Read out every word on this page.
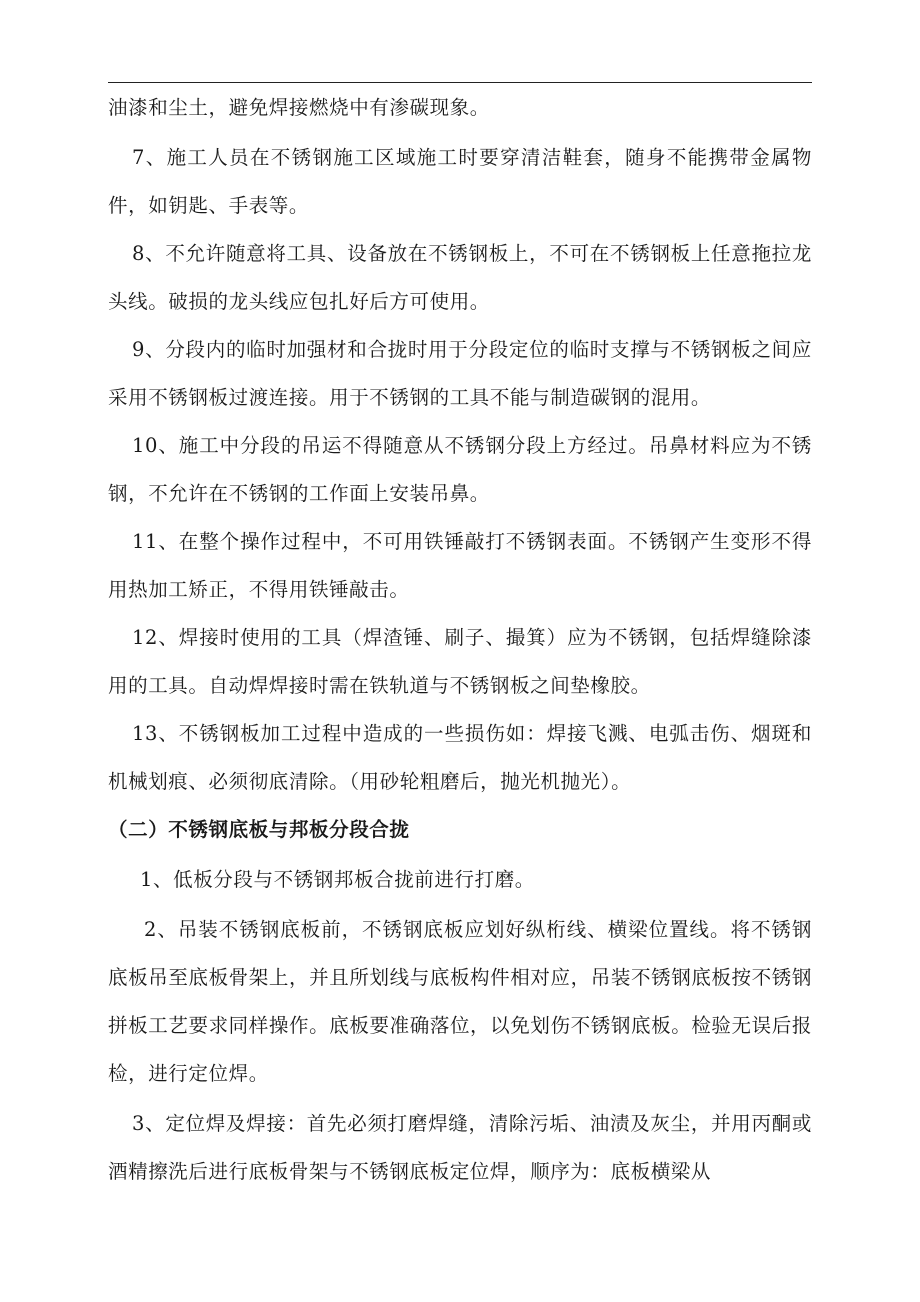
油漆和尘土，避免焊接燃烧中有渗碳现象。

7、施工人员在不锈钢施工区域施工时要穿清洁鞋套，随身不能携带金属物件，如钥匙、手表等。

8、不允许随意将工具、设备放在不锈钢板上，不可在不锈钢板上任意拖拉龙头线。破损的龙头线应包扎好后方可使用。

9、分段内的临时加强材和合拢时用于分段定位的临时支撑与不锈钢板之间应采用不锈钢板过渡连接。用于不锈钢的工具不能与制造碳钢的混用。

10、施工中分段的吊运不得随意从不锈钢分段上方经过。吊鼻材料应为不锈钢，不允许在不锈钢的工作面上安装吊鼻。

11、在整个操作过程中，不可用铁锤敲打不锈钢表面。不锈钢产生变形不得用热加工矫正，不得用铁锤敲击。

12、焊接时使用的工具（焊渣锤、刷子、撮箕）应为不锈钢，包括焊缝除漆用的工具。自动焊焊接时需在铁轨道与不锈钢板之间垫橡胶。

13、不锈钢板加工过程中造成的一些损伤如：焊接飞溅、电弧击伤、烟斑和机械划痕、必须彻底清除。（用砂轮粗磨后，抛光机抛光）。

（二）不锈钢底板与邦板分段合拢

1、低板分段与不锈钢邦板合拢前进行打磨。

2、吊装不锈钢底板前，不锈钢底板应划好纵桁线、横梁位置线。将不锈钢底板吊至底板骨架上，并且所划线与底板构件相对应，吊装不锈钢底板按不锈钢拼板工艺要求同样操作。底板要准确落位，以免划伤不锈钢底板。检验无误后报检，进行定位焊。

3、定位焊及焊接：首先必须打磨焊缝，清除污垢、油渍及灰尘，并用丙酮或酒精擦洗后进行底板骨架与不锈钢底板定位焊，顺序为：底板横梁从
